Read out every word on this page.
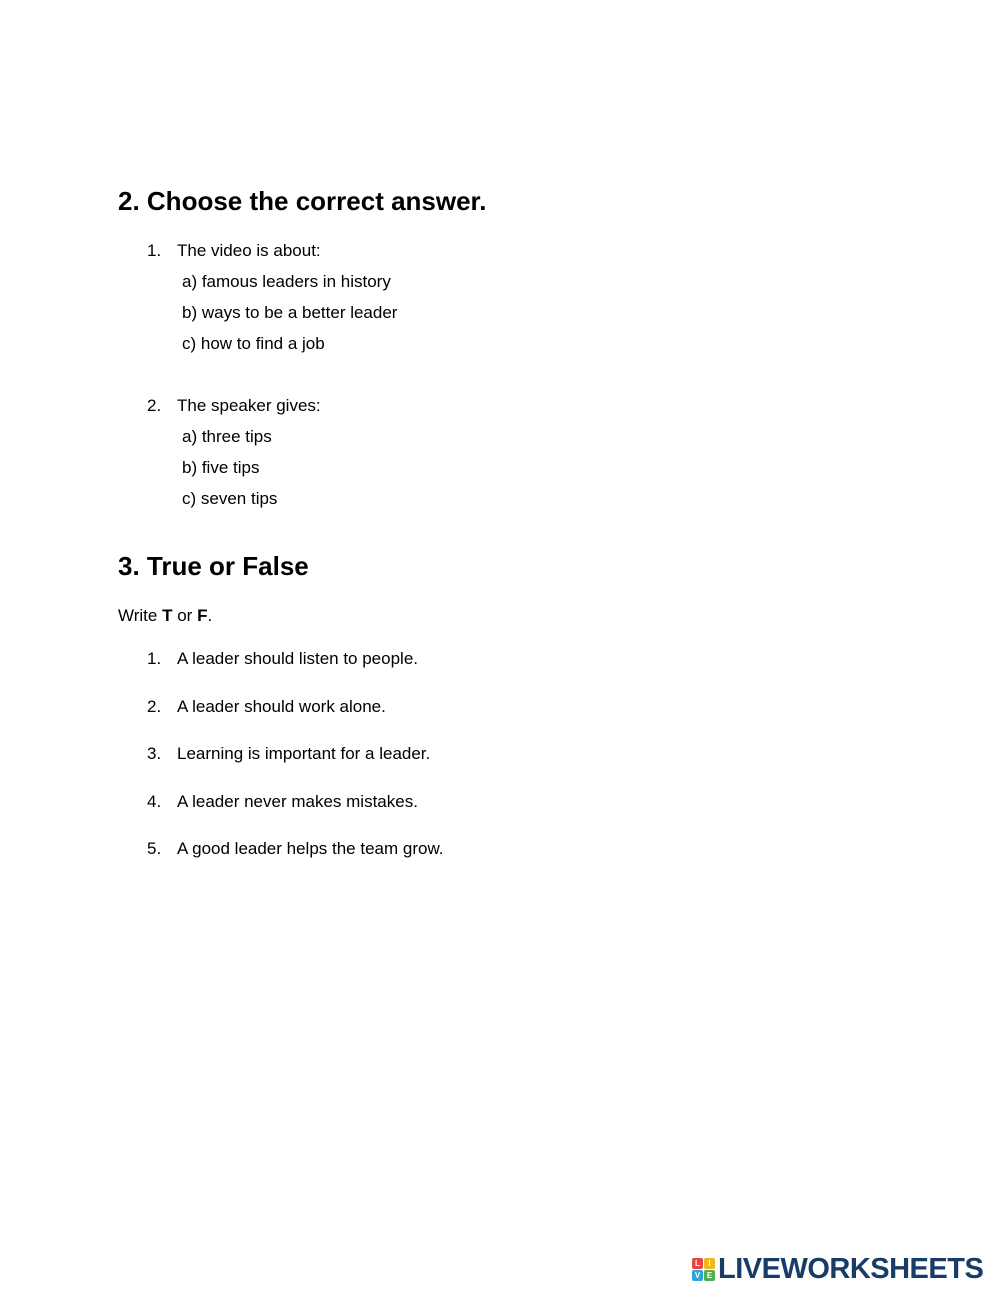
2. Choose the correct answer.
1. The video is about:
a) famous leaders in history
b) ways to be a better leader
c) how to find a job
2. The speaker gives:
a) three tips
b) five tips
c) seven tips
3. True or False
Write T or F.
1. A leader should listen to people.
2. A leader should work alone.
3. Learning is important for a leader.
4. A leader never makes mistakes.
5. A good leader helps the team grow.
L	I
V E LIVEWORKSHEETS
